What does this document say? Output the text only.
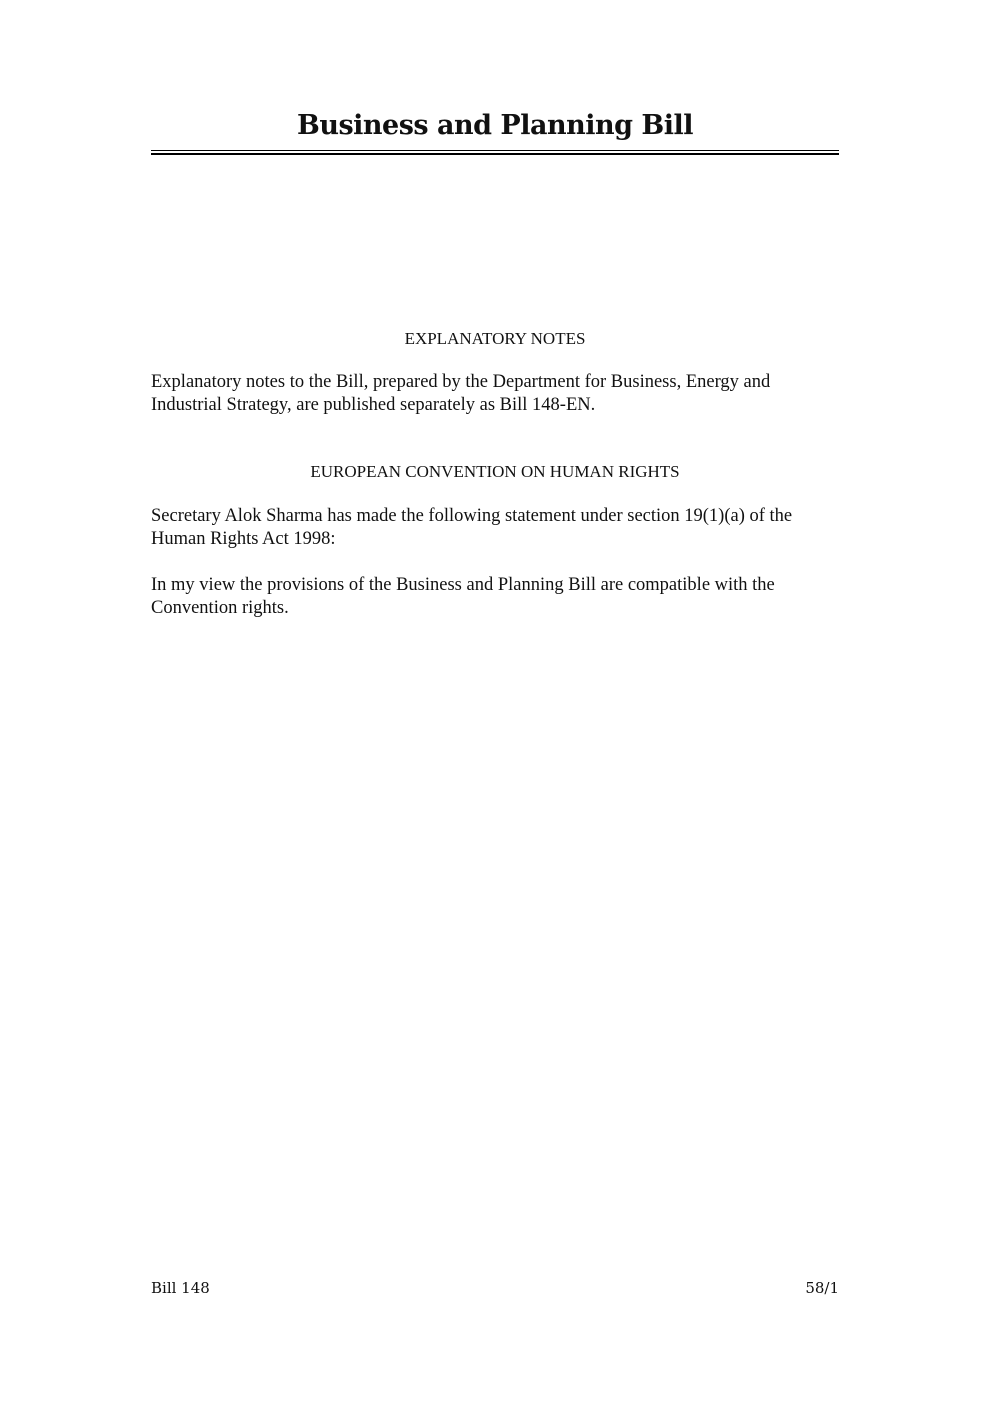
Business and Planning Bill
EXPLANATORY NOTES

Explanatory notes to the Bill, prepared by the Department for Business, Energy and Industrial Strategy, are published separately as Bill 148-EN.

EUROPEAN CONVENTION ON HUMAN RIGHTS

Secretary Alok Sharma has made the following statement under section 19(1)(a) of the Human Rights Act 1998:

In my view the provisions of the Business and Planning Bill are compatible with the Convention rights.

Bill 148	58/1
